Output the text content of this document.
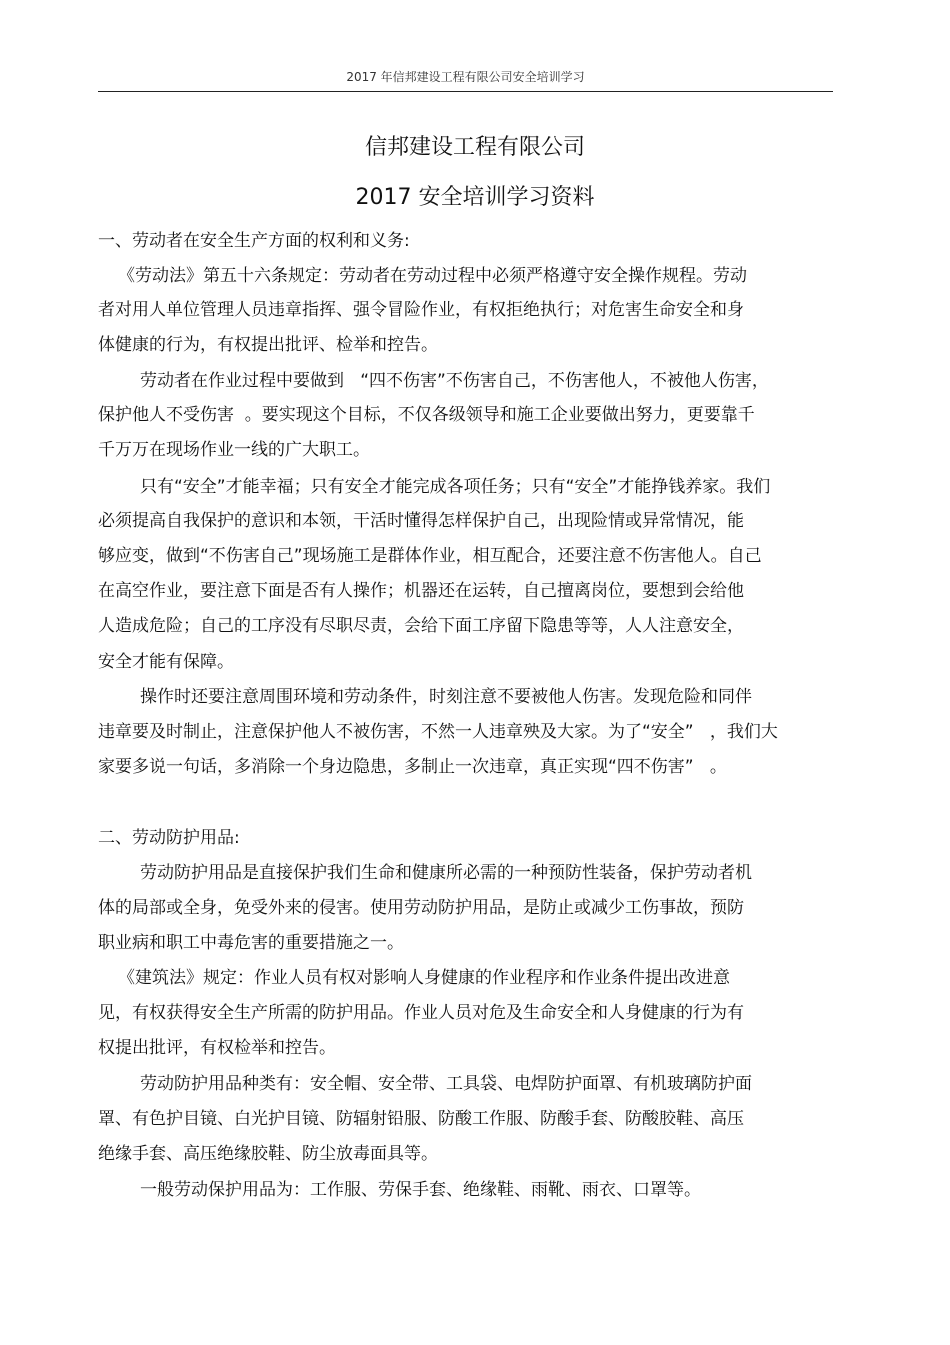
2017 年信邦建设工程有限公司安全培训学习
信邦建设工程有限公司
2017 安全培训学习资料
一、劳动者在安全生产方面的权利和义务:
《劳动法》第五十六条规定：劳动者在劳动过程中必须严格遵守安全操作规程。劳动
者对用人单位管理人员违章指挥、强令冒险作业，有权拒绝执行；对危害生命安全和身
体健康的行为，有权提出批评、检举和控告。
劳动者在作业过程中要做到   “四不伤害”不伤害自己，不伤害他人，不被他人伤害，
保护他人不受伤害  。要实现这个目标，不仅各级领导和施工企业要做出努力，更要靠千
千万万在现场作业一线的广大职工。
只有“安全”才能幸福；只有安全才能完成各项任务；只有“安全”才能挣钱养家。我们
必须提高自我保护的意识和本领，干活时懂得怎样保护自己，出现险情或异常情况，能
够应变，做到“不伤害自己”现场施工是群体作业，相互配合，还要注意不伤害他人。自己
在高空作业，要注意下面是否有人操作；机器还在运转，自己擅离岗位，要想到会给他
人造成危险；自己的工序没有尽职尽责，会给下面工序留下隐患等等，人人注意安全，
安全才能有保障。
操作时还要注意周围环境和劳动条件，时刻注意不要被他人伤害。发现危险和同伴
违章要及时制止，注意保护他人不被伤害，不然一人违章殃及大家。为了“安全”   ，我们大
家要多说一句话，多消除一个身边隐患，多制止一次违章，真正实现“四不伤害”   。
二、劳动防护用品:
劳动防护用品是直接保护我们生命和健康所必需的一种预防性装备，保护劳动者机
体的局部或全身，免受外来的侵害。使用劳动防护用品，是防止或减少工伤事故，预防
职业病和职工中毒危害的重要措施之一。
《建筑法》规定：作业人员有权对影响人身健康的作业程序和作业条件提出改进意
见，有权获得安全生产所需的防护用品。作业人员对危及生命安全和人身健康的行为有
权提出批评，有权检举和控告。
劳动防护用品种类有：安全帽、安全带、工具袋、电焊防护面罩、有机玻璃防护面
罩、有色护目镜、白光护目镜、防辐射铅服、防酸工作服、防酸手套、防酸胶鞋、高压
绝缘手套、高压绝缘胶鞋、防尘放毒面具等。
一般劳动保护用品为：工作服、劳保手套、绝缘鞋、雨靴、雨衣、口罩等。
